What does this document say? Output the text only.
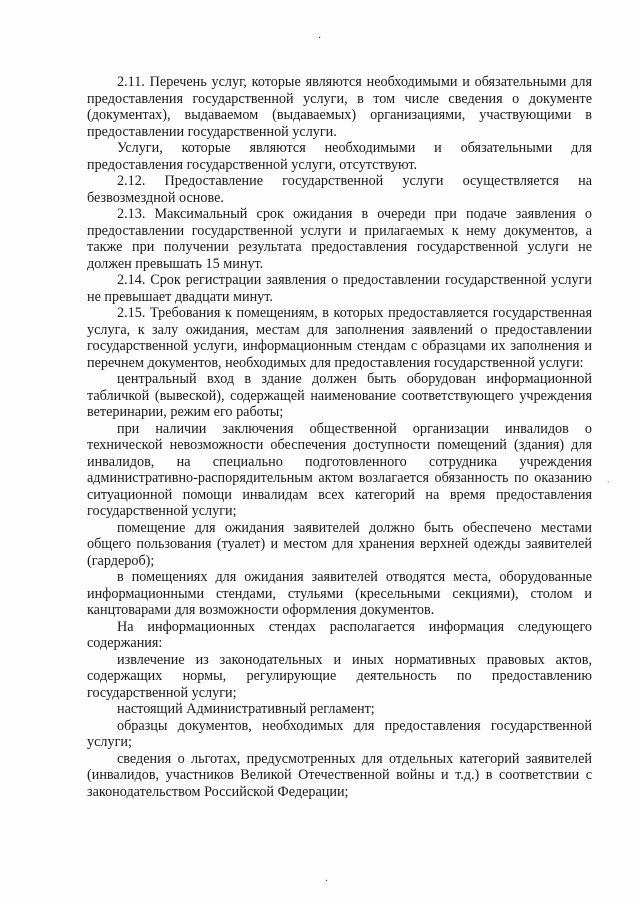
·
·
·

2.11. Перечень услуг, которые являются необходимыми и обязательными для предоставления государственной услуги, в том числе сведения о документе (документах), выдаваемом (выдаваемых) организациями, участвующими в предоставлении государственной услуги.

Услуги, которые являются необходимыми и обязательными для предоставления государственной услуги, отсутствуют.

2.12. Предоставление государственной услуги осуществляется на безвозмездной основе.

2.13. Максимальный срок ожидания в очереди при подаче заявления о предоставлении государственной услуги и прилагаемых к нему документов, а также при получении результата предоставления государственной услуги не должен превышать 15 минут.

2.14. Срок регистрации заявления о предоставлении государственной услуги не превышает двадцати минут.

2.15. Требования к помещениям, в которых предоставляется государственная услуга, к залу ожидания, местам для заполнения заявлений о предоставлении государственной услуги, информационным стендам с образцами их заполнения и перечнем документов, необходимых для предоставления государственной услуги:

центральный вход в здание должен быть оборудован информационной табличкой (вывеской), содержащей наименование соответствующего учреждения ветеринарии, режим его работы;

при наличии заключения общественной организации инвалидов о технической невозможности обеспечения доступности помещений (здания) для инвалидов, на специально подготовленного сотрудника учреждения административно-распорядительным актом возлагается обязанность по оказанию ситуационной помощи инвалидам всех категорий на время предоставления государственной услуги;

помещение для ожидания заявителей должно быть обеспечено местами общего пользования (туалет) и местом для хранения верхней одежды заявителей (гардероб);

в помещениях для ожидания заявителей отводятся места, оборудованные информационными стендами, стульями (кресельными секциями), столом и канцтоварами для возможности оформления документов.

На информационных стендах располагается информация следующего содержания:

извлечение из законодательных и иных нормативных правовых актов, содержащих нормы, регулирующие деятельность по предоставлению государственной услуги;

настоящий Административный регламент;

образцы документов, необходимых для предоставления государственной услуги;

сведения о льготах, предусмотренных для отдельных категорий заявителей (инвалидов, участников Великой Отечественной войны и т.д.) в соответствии с законодательством Российской Федерации;
